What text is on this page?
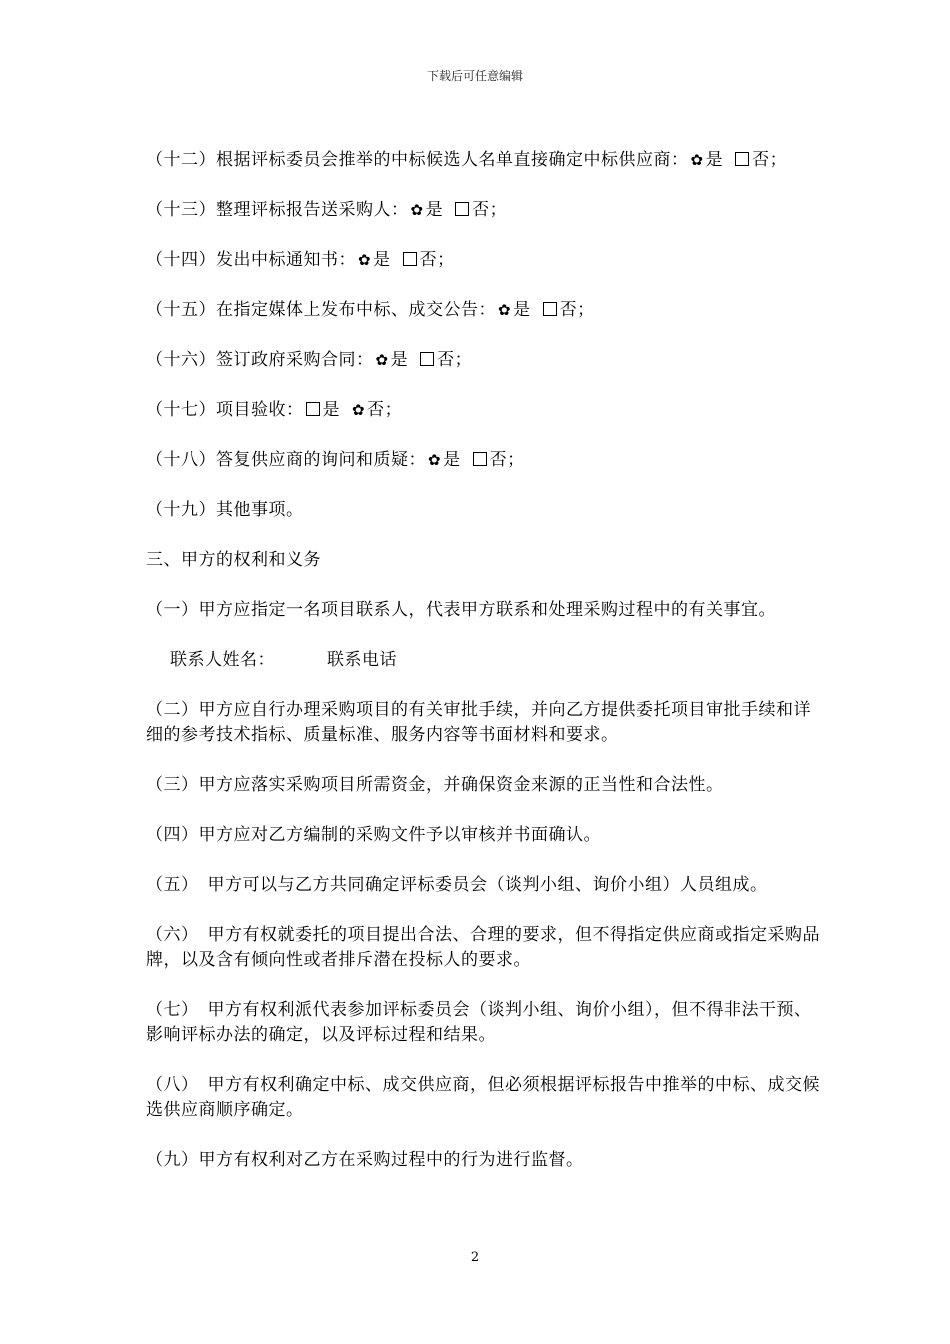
下载后可任意编辑

（十二）根据评标委员会推举的中标候选人名单直接确定中标供应商： ✿ 是 否；

（十三）整理评标报告送采购人： ✿ 是 否；

（十四）发出中标通知书： ✿ 是 否；

（十五）在指定媒体上发布中标、成交公告： ✿ 是 否；

（十六）签订政府采购合同： ✿ 是 否；

（十七）项目验收： 是 ✿ 否；

（十八）答复供应商的询问和质疑： ✿ 是 否；

（十九）其他事项。

三、甲方的权利和义务

（一）甲方应指定一名项目联系人，代表甲方联系和处理采购过程中的有关事宜。

联系人姓名：	联系电话

（二）甲方应自行办理采购项目的有关审批手续，并向乙方提供委托项目审批手续和详细的参考技术指标、质量标准、服务内容等书面材料和要求。

（三）甲方应落实采购项目所需资金，并确保资金来源的正当性和合法性。

（四）甲方应对乙方编制的采购文件予以审核并书面确认。

（五）　甲方可以与乙方共同确定评标委员会（谈判小组、询价小组）人员组成。

（六）　甲方有权就委托的项目提出合法、合理的要求，但不得指定供应商或指定采购品牌，以及含有倾向性或者排斥潜在投标人的要求。

（七）　甲方有权利派代表参加评标委员会（谈判小组、询价小组），但不得非法干预、影响评标办法的确定，以及评标过程和结果。

（八）　甲方有权利确定中标、成交供应商，但必须根据评标报告中推举的中标、成交候选供应商顺序确定。

（九）甲方有权利对乙方在采购过程中的行为进行监督。

2
